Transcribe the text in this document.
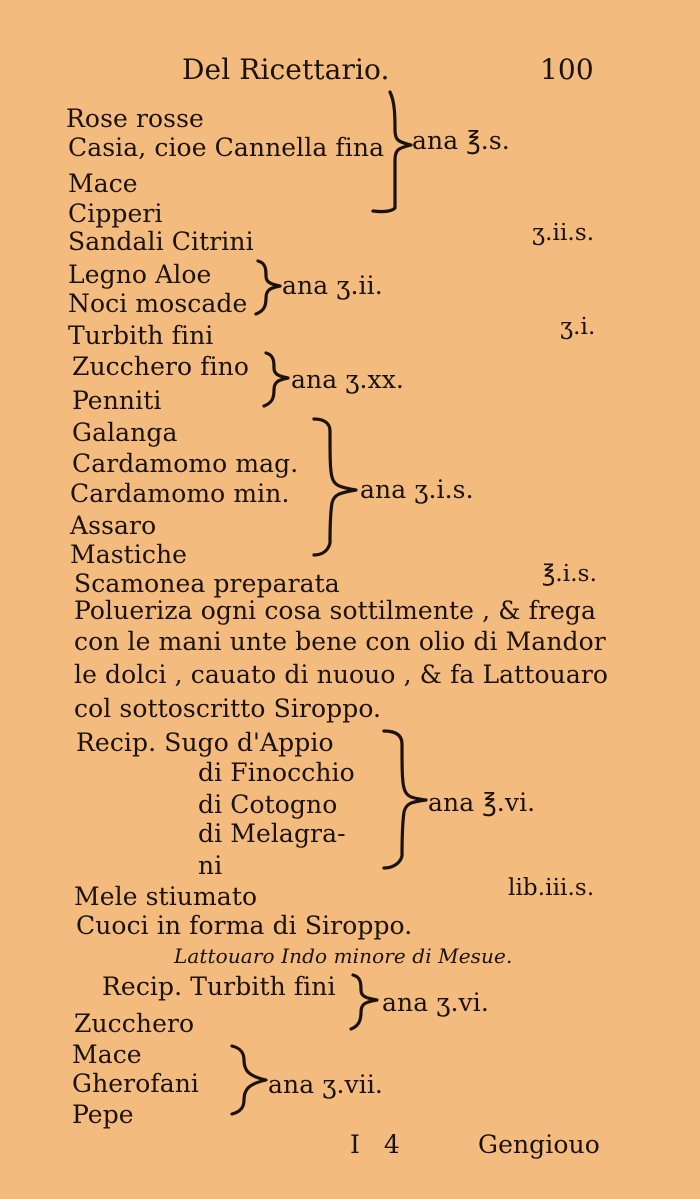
Del Ricettario.	100
Rose rosse
Casia, cioe Cannella fina
Mace
Cipperi
ana ℥.s.
Sandali Citrini	ʒ.ii.s.
Legno Aloe
Noci moscade
ana ʒ.ii.
Turbith fini	ʒ.i.
Zucchero fino
Penniti
ana ʒ.xx.
Galanga
Cardamomo mag.
Cardamomo min.
Assaro
Mastiche
ana ʒ.i.s.
Scamonea preparata	℥.i.s.
Polueriza ogni cosa sottilmente , & frega
con le mani unte bene con olio di Mandor
le dolci , cauato di nuouo , & fa Lattouaro
col sottoscritto Siroppo.
Recip. Sugo d'Appio
di Finocchio
di Cotogno
di Melagra-
ni
ana ℥.vi.
Mele stiumato	lib.iii.s.
Cuoci in forma di Siroppo.
Lattouaro Indo minore di Mesue.
Recip. Turbith fini
Zucchero
ana ʒ.vi.
Mace
Gherofani
Pepe
ana ʒ.vii.
I 4	Gengiouo
